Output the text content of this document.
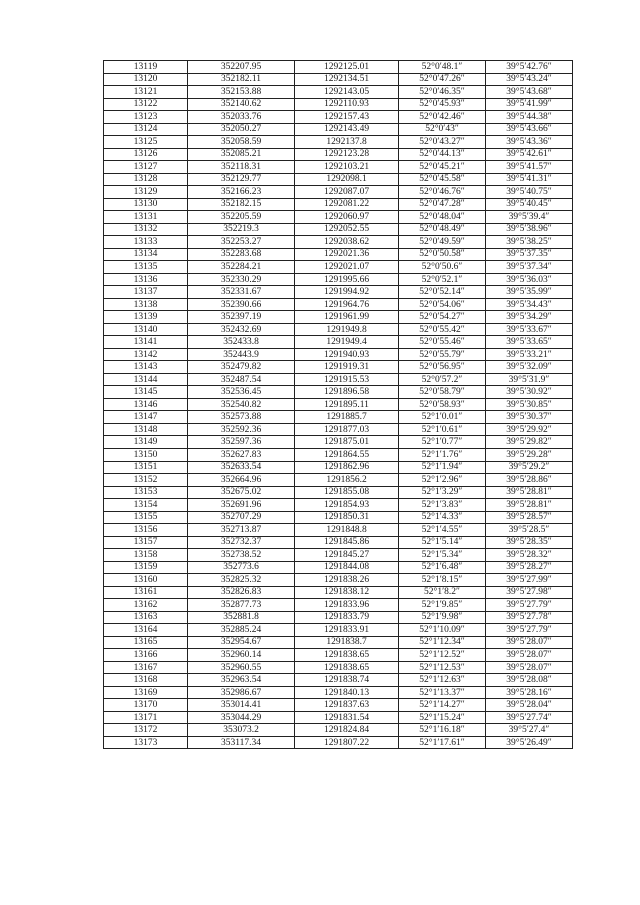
13119	352207.95	1292125.01	52°0′48.1″	39°5′42.76″
13120	352182.11	1292134.51	52°0′47.26″	39°5′43.24″
13121	352153.88	1292143.05	52°0′46.35″	39°5′43.68″
13122	352140.62	1292110.93	52°0′45.93″	39°5′41.99″
13123	352033.76	1292157.43	52°0′42.46″	39°5′44.38″
13124	352050.27	1292143.49	52°0′43″	39°5′43.66″
13125	352058.59	1292137.8	52°0′43.27″	39°5′43.36″
13126	352085.21	1292123.28	52°0′44.13″	39°5′42.61″
13127	352118.31	1292103.21	52°0′45.21″	39°5′41.57″
13128	352129.77	1292098.1	52°0′45.58″	39°5′41.31″
13129	352166.23	1292087.07	52°0′46.76″	39°5′40.75″
13130	352182.15	1292081.22	52°0′47.28″	39°5′40.45″
13131	352205.59	1292060.97	52°0′48.04″	39°5′39.4″
13132	352219.3	1292052.55	52°0′48.49″	39°5′38.96″
13133	352253.27	1292038.62	52°0′49.59″	39°5′38.25″
13134	352283.68	1292021.36	52°0′50.58″	39°5′37.35″
13135	352284.21	1292021.07	52°0′50.6″	39°5′37.34″
13136	352330.29	1291995.66	52°0′52.1″	39°5′36.03″
13137	352331.67	1291994.92	52°0′52.14″	39°5′35.99″
13138	352390.66	1291964.76	52°0′54.06″	39°5′34.43″
13139	352397.19	1291961.99	52°0′54.27″	39°5′34.29″
13140	352432.69	1291949.8	52°0′55.42″	39°5′33.67″
13141	352433.8	1291949.4	52°0′55.46″	39°5′33.65″
13142	352443.9	1291940.93	52°0′55.79″	39°5′33.21″
13143	352479.82	1291919.31	52°0′56.95″	39°5′32.09″
13144	352487.54	1291915.53	52°0′57.2″	39°5′31.9″
13145	352536.45	1291896.58	52°0′58.79″	39°5′30.92″
13146	352540.82	1291895.11	52°0′58.93″	39°5′30.85″
13147	352573.88	1291885.7	52°1′0.01″	39°5′30.37″
13148	352592.36	1291877.03	52°1′0.61″	39°5′29.92″
13149	352597.36	1291875.01	52°1′0.77″	39°5′29.82″
13150	352627.83	1291864.55	52°1′1.76″	39°5′29.28″
13151	352633.54	1291862.96	52°1′1.94″	39°5′29.2″
13152	352664.96	1291856.2	52°1′2.96″	39°5′28.86″
13153	352675.02	1291855.08	52°1′3.29″	39°5′28.81″
13154	352691.96	1291854.93	52°1′3.83″	39°5′28.81″
13155	352707.29	1291850.31	52°1′4.33″	39°5′28.57″
13156	352713.87	1291848.8	52°1′4.55″	39°5′28.5″
13157	352732.37	1291845.86	52°1′5.14″	39°5′28.35″
13158	352738.52	1291845.27	52°1′5.34″	39°5′28.32″
13159	352773.6	1291844.08	52°1′6.48″	39°5′28.27″
13160	352825.32	1291838.26	52°1′8.15″	39°5′27.99″
13161	352826.83	1291838.12	52°1′8.2″	39°5′27.98″
13162	352877.73	1291833.96	52°1′9.85″	39°5′27.79″
13163	352881.8	1291833.79	52°1′9.98″	39°5′27.78″
13164	352885.24	1291833.91	52°1′10.09″	39°5′27.79″
13165	352954.67	1291838.7	52°1′12.34″	39°5′28.07″
13166	352960.14	1291838.65	52°1′12.52″	39°5′28.07″
13167	352960.55	1291838.65	52°1′12.53″	39°5′28.07″
13168	352963.54	1291838.74	52°1′12.63″	39°5′28.08″
13169	352986.67	1291840.13	52°1′13.37″	39°5′28.16″
13170	353014.41	1291837.63	52°1′14.27″	39°5′28.04″
13171	353044.29	1291831.54	52°1′15.24″	39°5′27.74″
13172	353073.2	1291824.84	52°1′16.18″	39°5′27.4″
13173	353117.34	1291807.22	52°1′17.61″	39°5′26.49″
